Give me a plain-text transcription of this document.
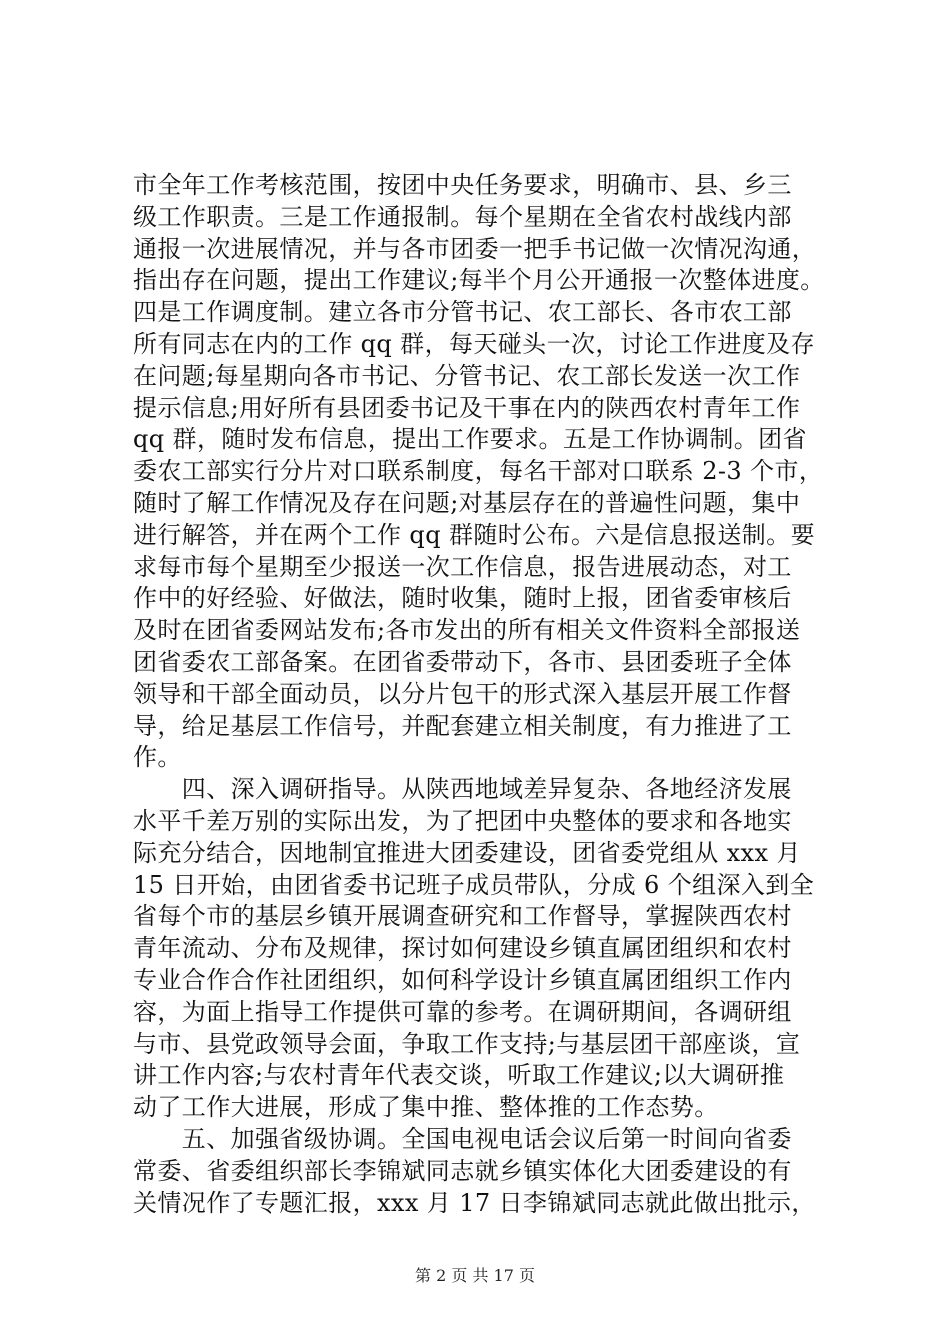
市全年工作考核范围，按团中央任务要求，明确市、县、乡三
级工作职责。三是工作通报制。每个星期在全省农村战线内部
通报一次进展情况，并与各市团委一把手书记做一次情况沟通，
指出存在问题，提出工作建议;每半个月公开通报一次整体进度。
四是工作调度制。建立各市分管书记、农工部长、各市农工部
所有同志在内的工作 qq 群，每天碰头一次，讨论工作进度及存
在问题;每星期向各市书记、分管书记、农工部长发送一次工作
提示信息;用好所有县团委书记及干事在内的陕西农村青年工作
qq 群，随时发布信息，提出工作要求。五是工作协调制。团省
委农工部实行分片对口联系制度，每名干部对口联系 2-3 个市，
随时了解工作情况及存在问题;对基层存在的普遍性问题，集中
进行解答，并在两个工作 qq 群随时公布。六是信息报送制。要
求每市每个星期至少报送一次工作信息，报告进展动态，对工
作中的好经验、好做法，随时收集，随时上报，团省委审核后
及时在团省委网站发布;各市发出的所有相关文件资料全部报送
团省委农工部备案。在团省委带动下，各市、县团委班子全体
领导和干部全面动员，以分片包干的形式深入基层开展工作督
导，给足基层工作信号，并配套建立相关制度，有力推进了工
作。
　　四、深入调研指导。从陕西地域差异复杂、各地经济发展
水平千差万别的实际出发，为了把团中央整体的要求和各地实
际充分结合，因地制宜推进大团委建设，团省委党组从 xxx 月
15 日开始，由团省委书记班子成员带队，分成 6 个组深入到全
省每个市的基层乡镇开展调查研究和工作督导，掌握陕西农村
青年流动、分布及规律，探讨如何建设乡镇直属团组织和农村
专业合作合作社团组织，如何科学设计乡镇直属团组织工作内
容，为面上指导工作提供可靠的参考。在调研期间，各调研组
与市、县党政领导会面，争取工作支持;与基层团干部座谈，宣
讲工作内容;与农村青年代表交谈，听取工作建议;以大调研推
动了工作大进展，形成了集中推、整体推的工作态势。
　　五、加强省级协调。全国电视电话会议后第一时间向省委
常委、省委组织部长李锦斌同志就乡镇实体化大团委建设的有
关情况作了专题汇报，xxx 月 17 日李锦斌同志就此做出批示，
第 2 页 共 17 页
